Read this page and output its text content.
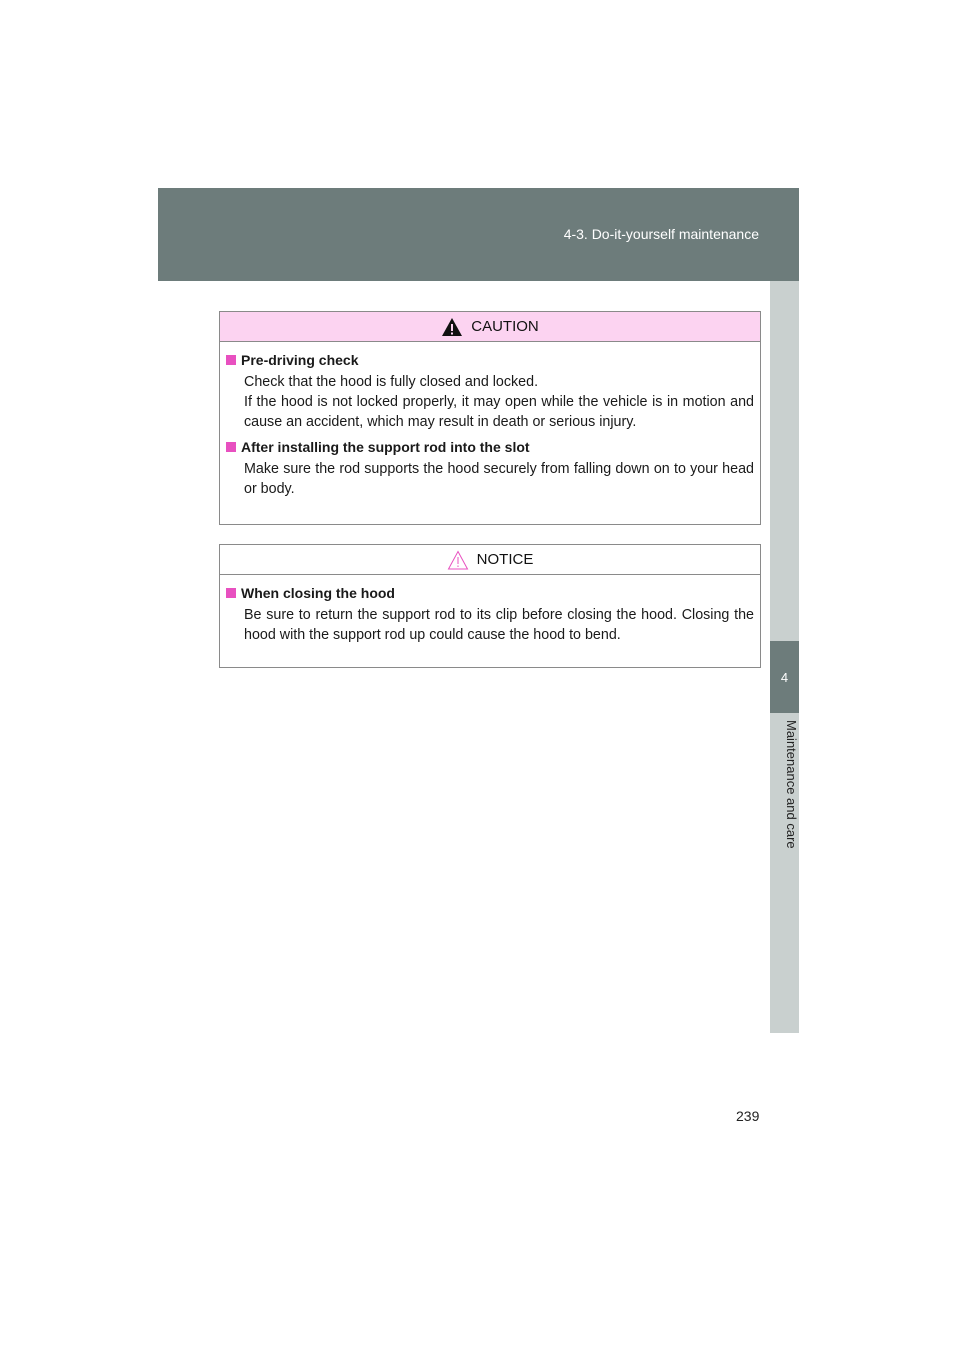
4-3. Do-it-yourself maintenance
4
Maintenance and care
CAUTION
Pre-driving check
Check that the hood is fully closed and locked.
If the hood is not locked properly, it may open while the vehicle is in motion and cause an accident, which may result in death or serious injury.
After installing the support rod into the slot
Make sure the rod supports the hood securely from falling down on to your head or body.
NOTICE
When closing the hood
Be sure to return the support rod to its clip before closing the hood. Closing the hood with the support rod up could cause the hood to bend.
239
